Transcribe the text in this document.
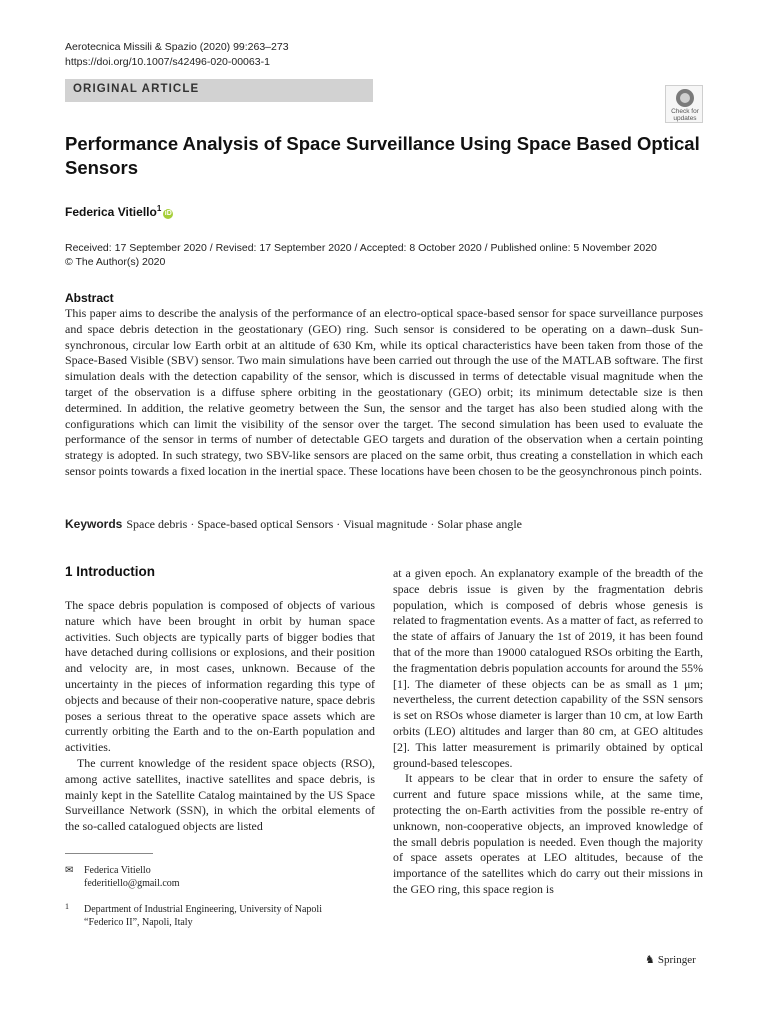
Aerotecnica Missili & Spazio (2020) 99:263–273
https://doi.org/10.1007/s42496-020-00063-1
ORIGINAL ARTICLE
Check for
updates
Performance Analysis of Space Surveillance Using Space Based Optical Sensors
Federica Vitiello$^1$iD
Received: 17 September 2020 / Revised: 17 September 2020 / Accepted: 8 October 2020 / Published online: 5 November 2020
© The Author(s) 2020
Abstract
This paper aims to describe the analysis of the performance of an electro-optical space-based sensor for space surveillance purposes and space debris detection in the geostationary (GEO) ring. Such sensor is considered to be operating on a dawn–dusk Sun-synchronous, circular low Earth orbit at an altitude of 630 Km, while its optical characteristics have been taken from those of the Space-Based Visible (SBV) sensor. Two main simulations have been carried out through the use of the MATLAB software. The first simulation deals with the detection capability of the sensor, which is discussed in terms of detectable visual magnitude when the target of the observation is a diffuse sphere orbiting in the geostationary (GEO) orbit; its minimum detectable size is then determined. In addition, the relative geometry between the Sun, the sensor and the target has also been studied along with the configurations which can limit the visibility of the sensor over the target. The second simulation has been used to evaluate the performance of the sensor in terms of number of detectable GEO targets and duration of the observation when a certain pointing strategy is adopted. In such strategy, two SBV-like sensors are placed on the same orbit, thus creating a constellation in which each sensor points towards a fixed location in the inertial space. These locations have been chosen to be the geosynchronous pinch points.
Keywords Space debris · Space-based optical Sensors · Visual magnitude · Solar phase angle
1 Introduction

The space debris population is composed of objects of various nature which have been brought in orbit by human space activities. Such objects are typically parts of bigger bodies that have detached during collisions or explosions, and their position and velocity are, in most cases, unknown. Because of the uncertainty in the pieces of information regarding this type of objects and because of their non-cooperative nature, space debris poses a serious threat to the operative space assets which are currently orbiting the Earth and to the on-Earth population and activities.

The current knowledge of the resident space objects (RSO), among active satellites, inactive satellites and space debris, is mainly kept in the Satellite Catalog maintained by the US Space Surveillance Network (SSN), in which the orbital elements of the so-called catalogued objects are listed

at a given epoch. An explanatory example of the breadth of the space debris issue is given by the fragmentation debris population, which is composed of debris whose genesis is related to fragmentation events. As a matter of fact, as referred to the state of affairs of January the 1st of 2019, it has been found that of the more than 19000 catalogued RSOs orbiting the Earth, the fragmentation debris population accounts for around the 55% [1]. The diameter of these objects can be as small as 1 μm; nevertheless, the current detection capability of the SSN sensors is set on RSOs whose diameter is larger than 10 cm, at low Earth orbits (LEO) altitudes and larger than 80 cm, at GEO altitudes [2]. This latter measurement is primarily obtained by optical ground-based telescopes.

It appears to be clear that in order to ensure the safety of current and future space missions while, at the same time, protecting the on-Earth activities from the possible re-entry of unknown, non-cooperative objects, an improved knowledge of the small debris population is needed. Even though the majority of space assets operates at LEO altitudes, because of the importance of the satellites which do carry out their missions in the GEO ring, this space region is

✉	Federica Vitiello
federitiello@gmail.com
1 Department of Industrial Engineering, University of Napoli
“Federico II”, Napoli, Italy
♞ Springer
